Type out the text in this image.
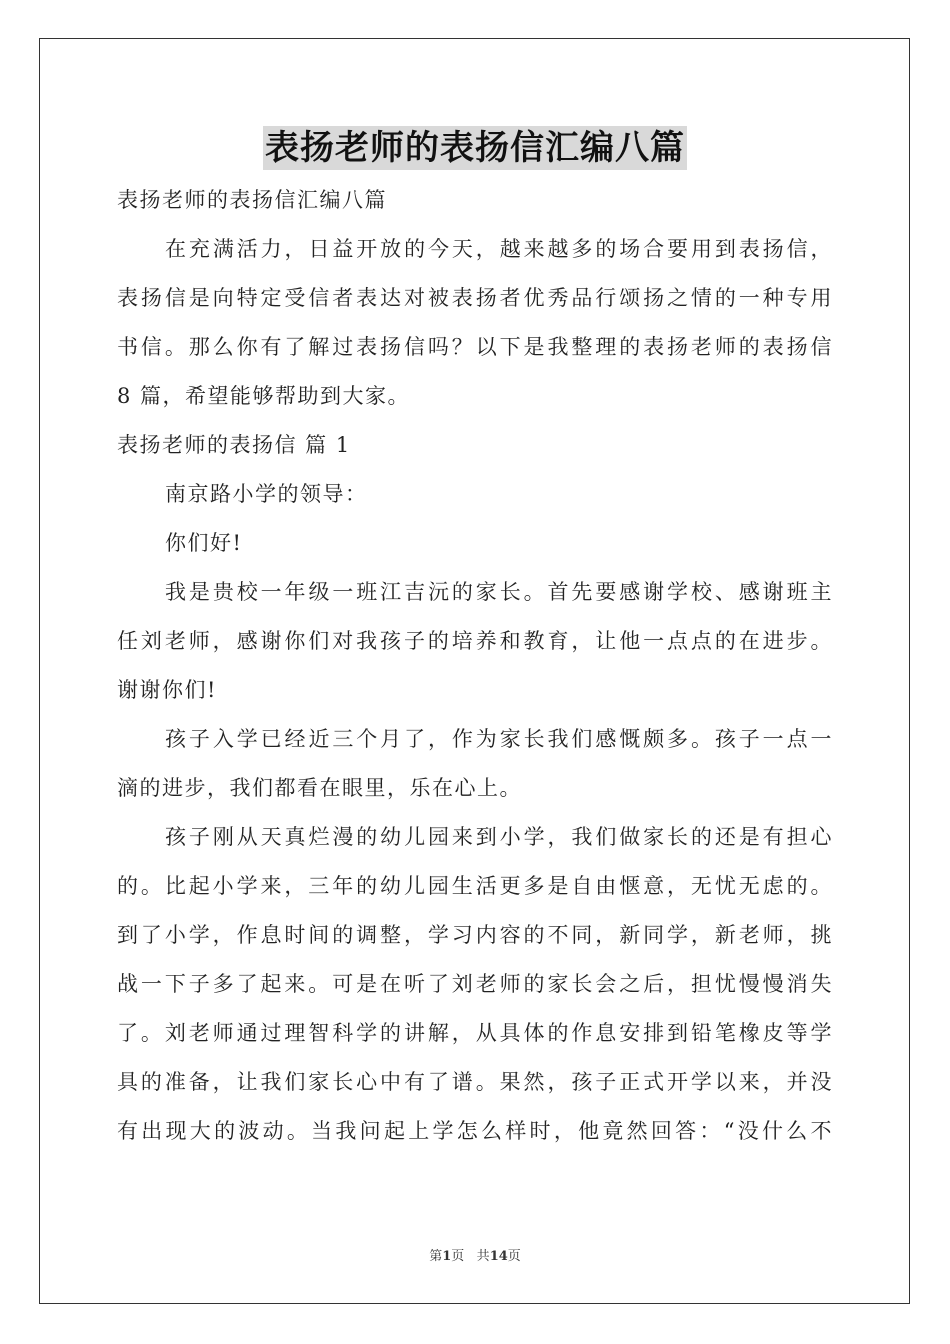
表扬老师的表扬信汇编八篇

表扬老师的表扬信汇编八篇

在充满活力，日益开放的今天，越来越多的场合要用到表扬信，

表扬信是向特定受信者表达对被表扬者优秀品行颂扬之情的一种专用

书信。那么你有了解过表扬信吗？以下是我整理的表扬老师的表扬信

8 篇，希望能够帮助到大家。

表扬老师的表扬信 篇 1

南京路小学的领导：

你们好!

我是贵校一年级一班江吉沅的家长。首先要感谢学校、感谢班主

任刘老师，感谢你们对我孩子的培养和教育，让他一点点的在进步。

谢谢你们!

孩子入学已经近三个月了，作为家长我们感慨颇多。孩子一点一

滴的进步，我们都看在眼里，乐在心上。

孩子刚从天真烂漫的幼儿园来到小学，我们做家长的还是有担心

的。比起小学来，三年的幼儿园生活更多是自由惬意，无忧无虑的。

到了小学，作息时间的调整，学习内容的不同，新同学，新老师，挑

战一下子多了起来。可是在听了刘老师的家长会之后，担忧慢慢消失

了。刘老师通过理智科学的讲解，从具体的作息安排到铅笔橡皮等学

具的准备，让我们家长心中有了谱。果然，孩子正式开学以来，并没

有出现大的波动。当我问起上学怎么样时，他竟然回答：“没什么不

第1页 共14页
